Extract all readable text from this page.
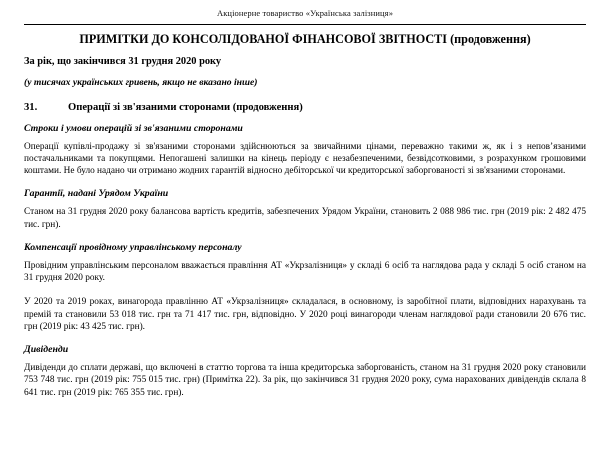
Акціонерне товариство «Українська залізниця»
ПРИМІТКИ ДО КОНСОЛІДОВАНОЇ ФІНАНСОВОЇ ЗВІТНОСТІ (продовження)
За рік, що закінчився 31 грудня 2020 року
(у тисячах українських гривень, якщо не вказано інше)
31.	Операції зі зв'язаними сторонами (продовження)
Строки і умови операцій зі зв'язаними сторонами

Операції купівлі-продажу зі зв'язаними сторонами здійснюються за звичайними цінами, переважно такими ж, як і з неповʼязаними постачальниками та покупцями. Непогашені залишки на кінець періоду є незабезпеченими, безвідсотковими, з розрахунком грошовими коштами. Не було надано чи отримано жодних гарантій відносно дебіторської чи кредиторської заборгованості зі зв'язаними сторонами.

Гарантії, надані Урядом України

Станом на 31 грудня 2020 року балансова вартість кредитів, забезпечених Урядом України, становить 2 088 986 тис. грн (2019 рік: 2 482 475 тис. грн).

Компенсації провідному управлінському персоналу

Провідним управлінським персоналом вважається правління АТ «Укрзалізниця» у складі 6 осіб та наглядова рада у складі 5 осіб станом на 31 грудня 2020 року.

У 2020 та 2019 роках, винагорода правлінню АТ «Укрзалізниця» складалася, в основному, із заробітної плати, відповідних нарахувань та премій та становили 53 018 тис. грн та 71 417 тис. грн, відповідно. У 2020 році винагороди членам наглядової ради становили 20 676 тис. грн (2019 рік: 43 425 тис. грн).

Дивіденди

Дивіденди до сплати державі, що включені в статтю торгова та інша кредиторська заборгованість, станом на 31 грудня 2020 року становили 753 748 тис. грн (2019 рік: 755 015 тис. грн) (Примітка 22). За рік, що закінчився 31 грудня 2020 року, сума нарахованих дивідендів склала 8 641 тис. грн (2019 рік: 765 355 тис. грн).
